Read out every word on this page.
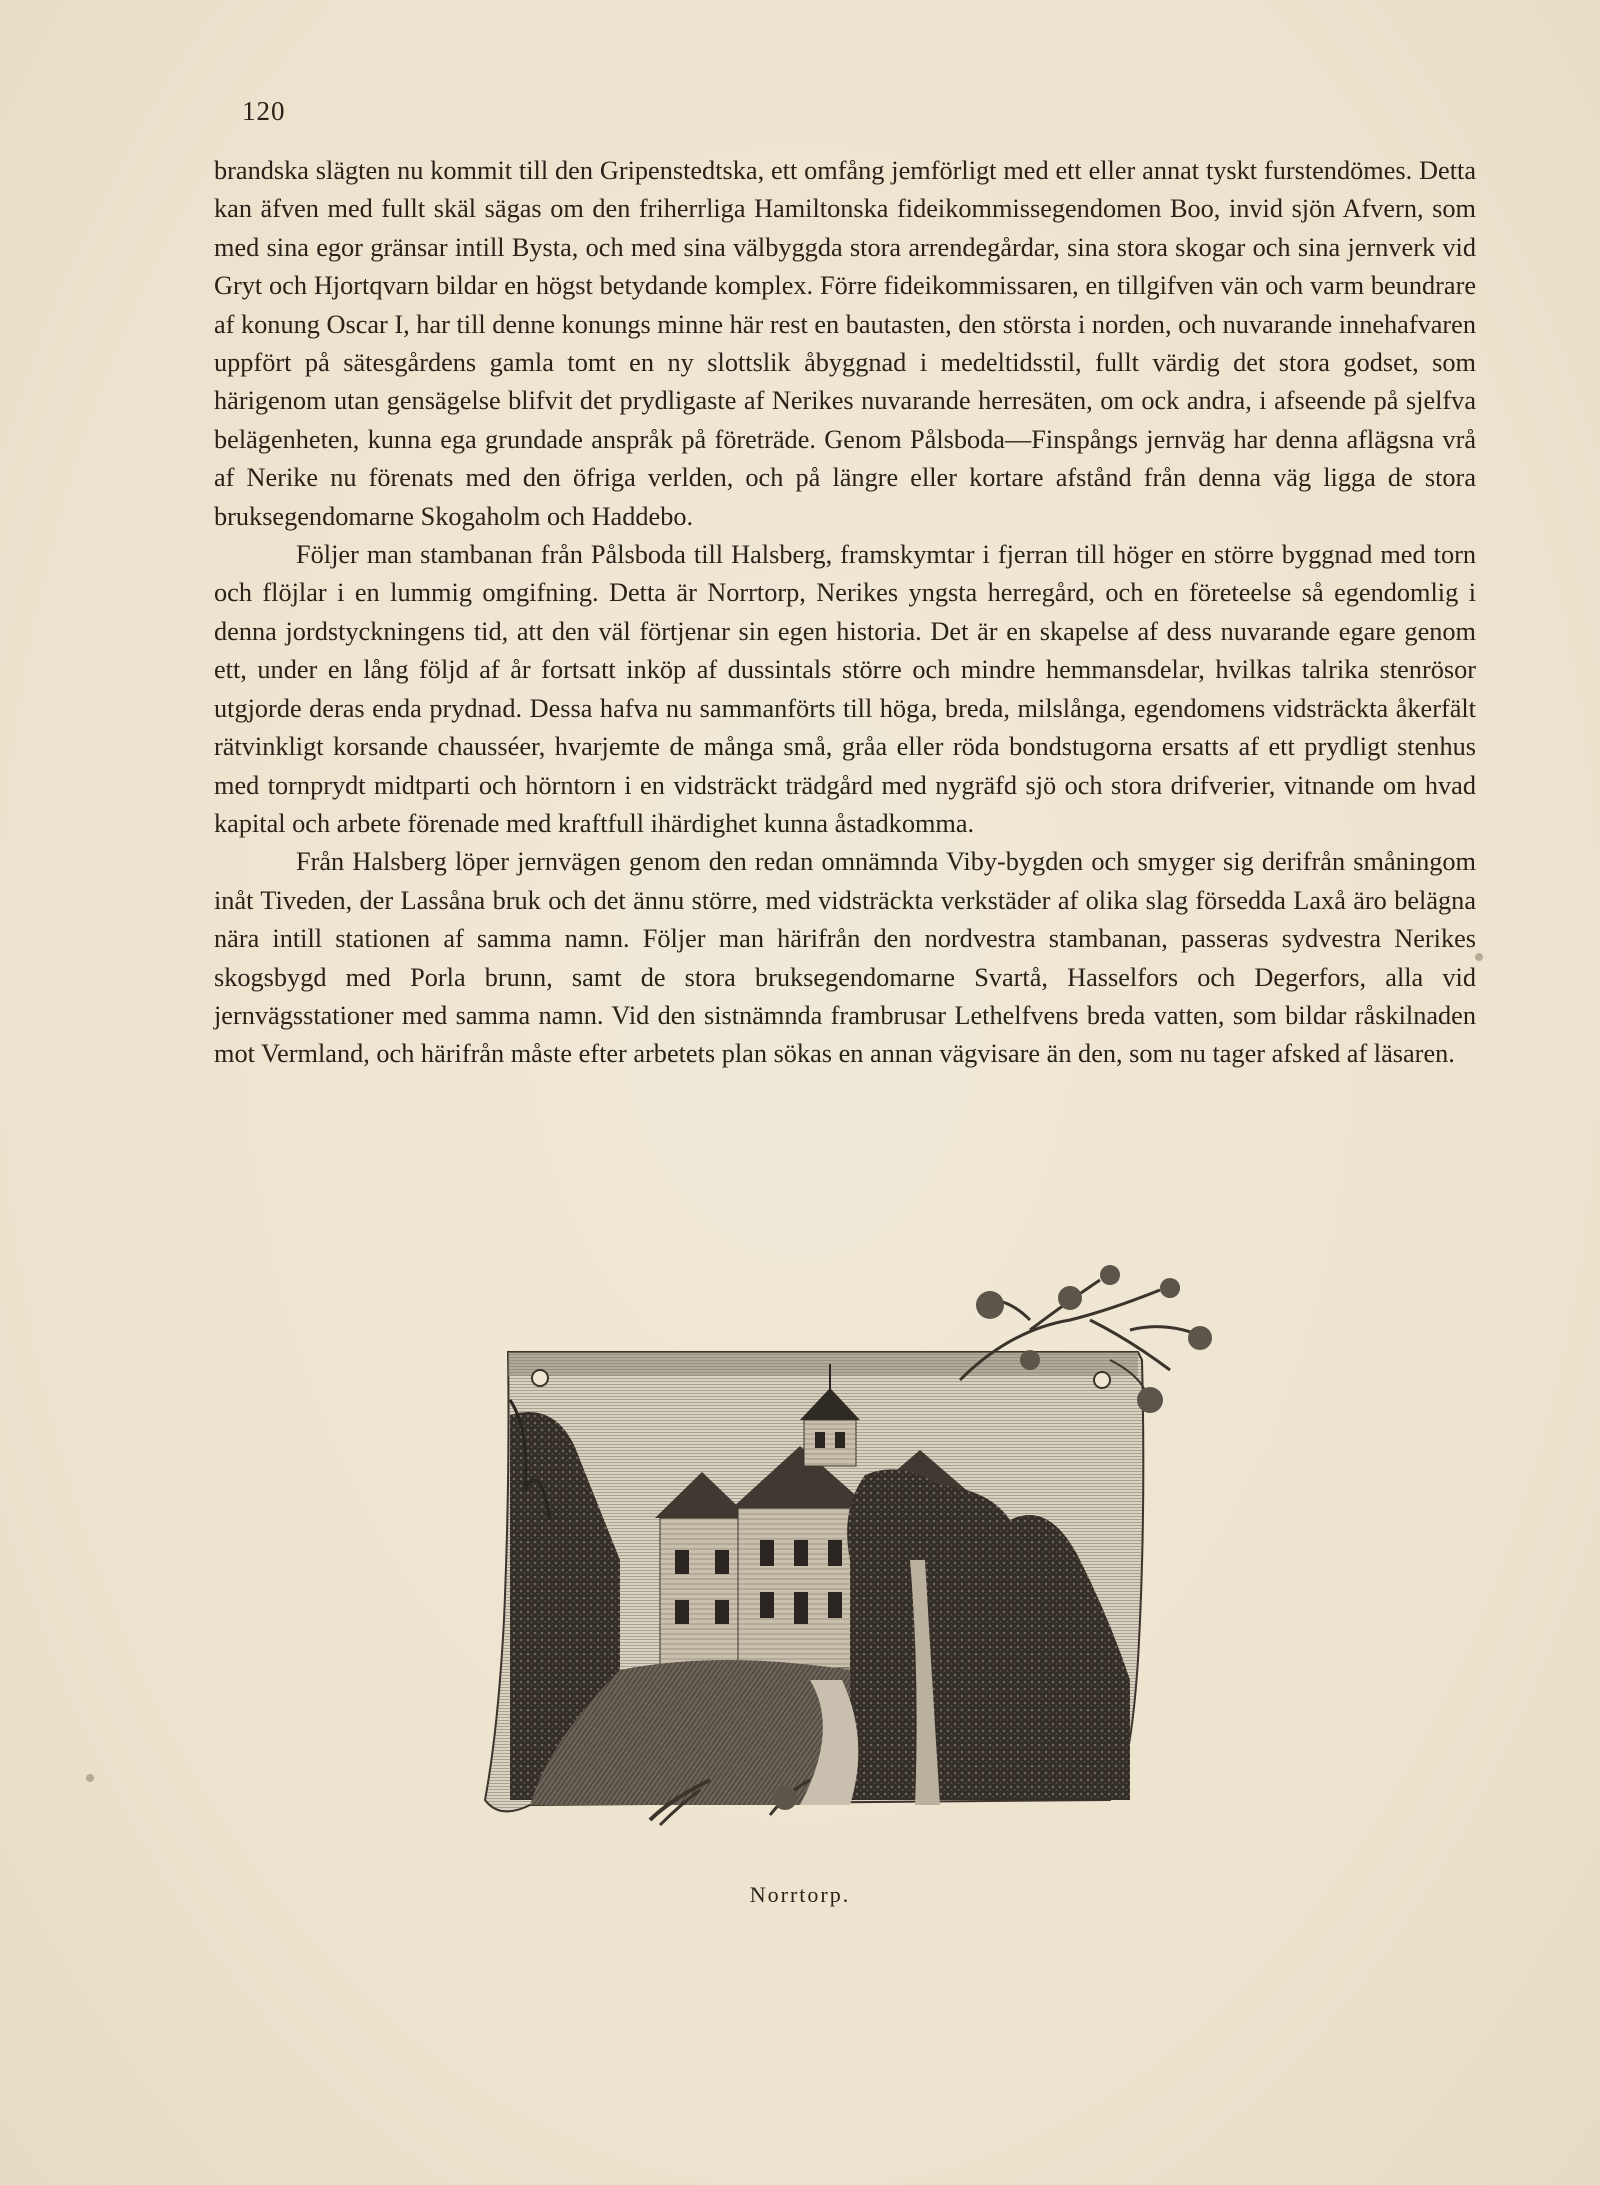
120

brandska slägten nu kommit till den Gripenstedtska, ett omfång jemförligt med ett eller annat tyskt furstendömes. Detta kan äfven med fullt skäl sägas om den friherrliga Hamiltonska fideikommissegendomen Boo, invid sjön Afvern, som med sina egor gränsar intill Bysta, och med sina välbyggda stora arrendegårdar, sina stora skogar och sina jernverk vid Gryt och Hjortqvarn bildar en högst betydande komplex. Förre fideikommissaren, en tillgifven vän och varm beundrare af konung Oscar I, har till denne konungs minne här rest en bautasten, den största i norden, och nuvarande innehafvaren uppfört på sätesgårdens gamla tomt en ny slottslik åbyggnad i medeltidsstil, fullt värdig det stora godset, som härigenom utan gensägelse blifvit det prydligaste af Nerikes nuvarande herresäten, om ock andra, i afseende på sjelfva belägenheten, kunna ega grundade anspråk på företräde. Genom Pålsboda—Finspångs jernväg har denna aflägsna vrå af Nerike nu förenats med den öfriga verlden, och på längre eller kortare afstånd från denna väg ligga de stora bruksegendomarne Skogaholm och Haddebo.

Följer man stambanan från Pålsboda till Halsberg, framskymtar i fjerran till höger en större byggnad med torn och flöjlar i en lummig omgifning. Detta är Norrtorp, Nerikes yngsta herregård, och en företeelse så egendomlig i denna jordstyckningens tid, att den väl förtjenar sin egen historia. Det är en skapelse af dess nuvarande egare genom ett, under en lång följd af år fortsatt inköp af dussintals större och mindre hemmansdelar, hvilkas talrika stenrösor utgjorde deras enda prydnad. Dessa hafva nu sammanförts till höga, breda, milslånga, egendomens vidsträckta åkerfält rätvinkligt korsande chausséer, hvarjemte de många små, gråa eller röda bondstugorna ersatts af ett prydligt stenhus med tornprydt midtparti och hörntorn i en vidsträckt trädgård med nygräfd sjö och stora drifverier, vitnande om hvad kapital och arbete förenade med kraftfull ihärdighet kunna åstadkomma.

Från Halsberg löper jernvägen genom den redan omnämnda Viby-bygden och smyger sig derifrån småningom inåt Tiveden, der Lassåna bruk och det ännu större, med vidsträckta verkstäder af olika slag försedda Laxå äro belägna nära intill stationen af samma namn. Följer man härifrån den nordvestra stambanan, passeras sydvestra Nerikes skogsbygd med Porla brunn, samt de stora bruksegendomarne Svartå, Hasselfors och Degerfors, alla vid jernvägsstationer med samma namn. Vid den sistnämnda frambrusar Lethelfvens breda vatten, som bildar råskilnaden mot Vermland, och härifrån måste efter arbetets plan sökas en annan vägvisare än den, som nu tager afsked af läsaren.

Norrtorp.
